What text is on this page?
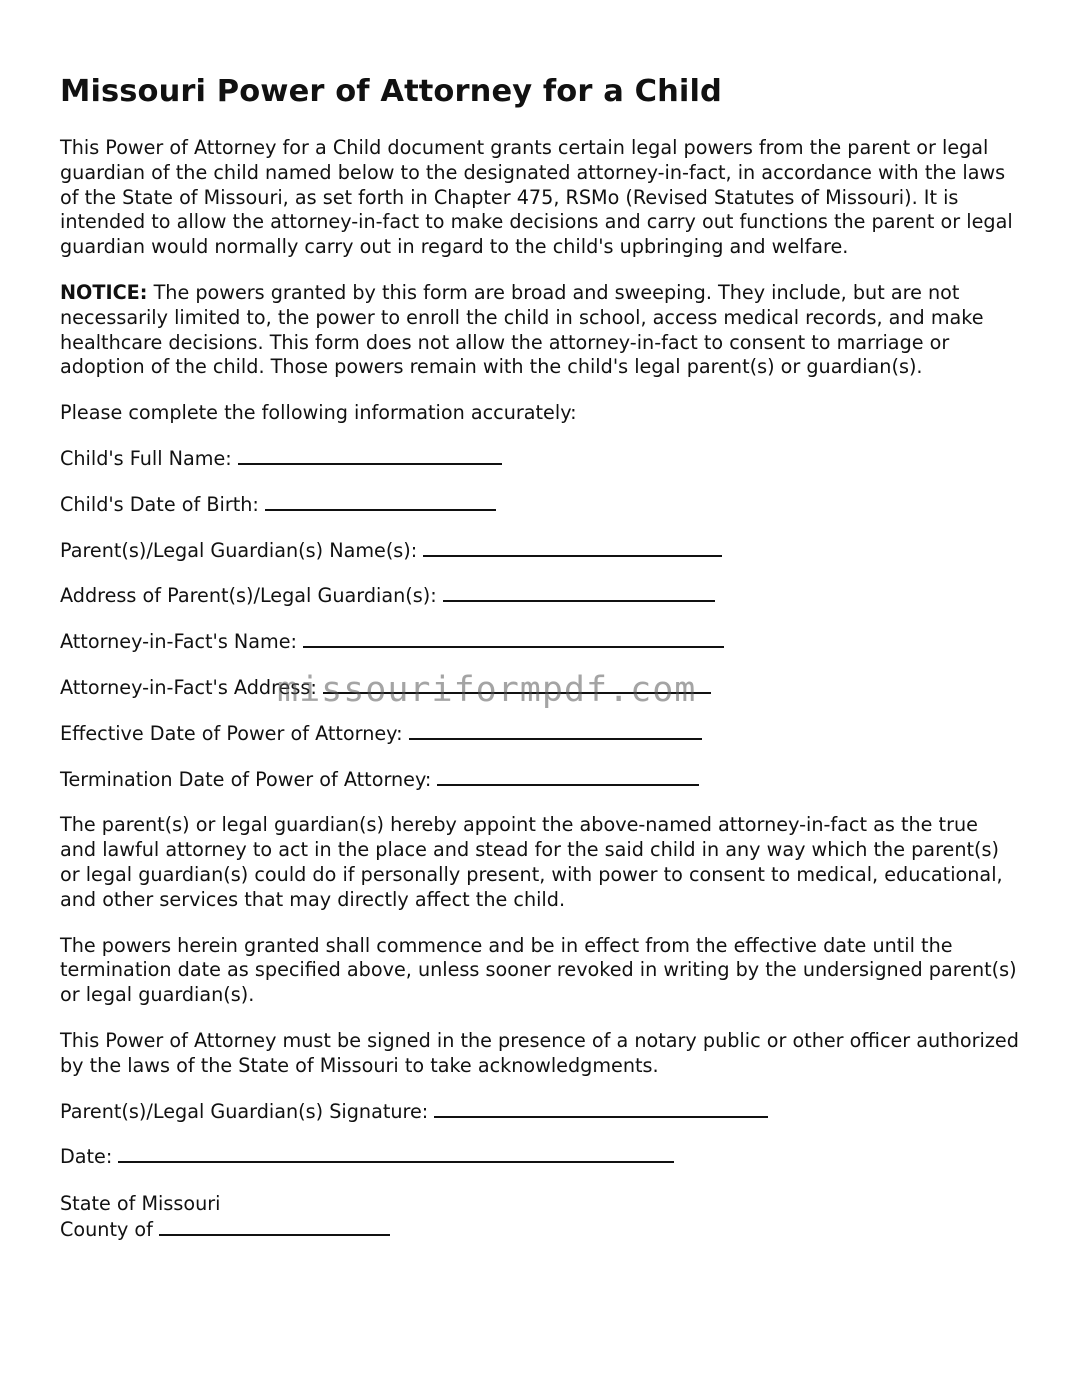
Missouri Power of Attorney for a Child

This Power of Attorney for a Child document grants certain legal powers from the parent or legal guardian of the child named below to the designated attorney-in-fact, in accordance with the laws of the State of Missouri, as set forth in Chapter 475, RSMo (Revised Statutes of Missouri). It is intended to allow the attorney-in-fact to make decisions and carry out functions the parent or legal guardian would normally carry out in regard to the child's upbringing and welfare.

NOTICE: The powers granted by this form are broad and sweeping. They include, but are not necessarily limited to, the power to enroll the child in school, access medical records, and make healthcare decisions. This form does not allow the attorney-in-fact to consent to marriage or adoption of the child. Those powers remain with the child's legal parent(s) or guardian(s).

Please complete the following information accurately:

Child's Full Name:
Child's Date of Birth:
Parent(s)/Legal Guardian(s) Name(s):
Address of Parent(s)/Legal Guardian(s):
Attorney-in-Fact's Name:
Attorney-in-Fact's Address:
Effective Date of Power of Attorney:
Termination Date of Power of Attorney:

The parent(s) or legal guardian(s) hereby appoint the above-named attorney-in-fact as the true and lawful attorney to act in the place and stead for the said child in any way which the parent(s) or legal guardian(s) could do if personally present, with power to consent to medical, educational, and other services that may directly affect the child.

The powers herein granted shall commence and be in effect from the effective date until the termination date as specified above, unless sooner revoked in writing by the undersigned parent(s) or legal guardian(s).

This Power of Attorney must be signed in the presence of a notary public or other officer authorized by the laws of the State of Missouri to take acknowledgments.

Parent(s)/Legal Guardian(s) Signature:
Date:
State of Missouri
County of
missouriformpdf.com
